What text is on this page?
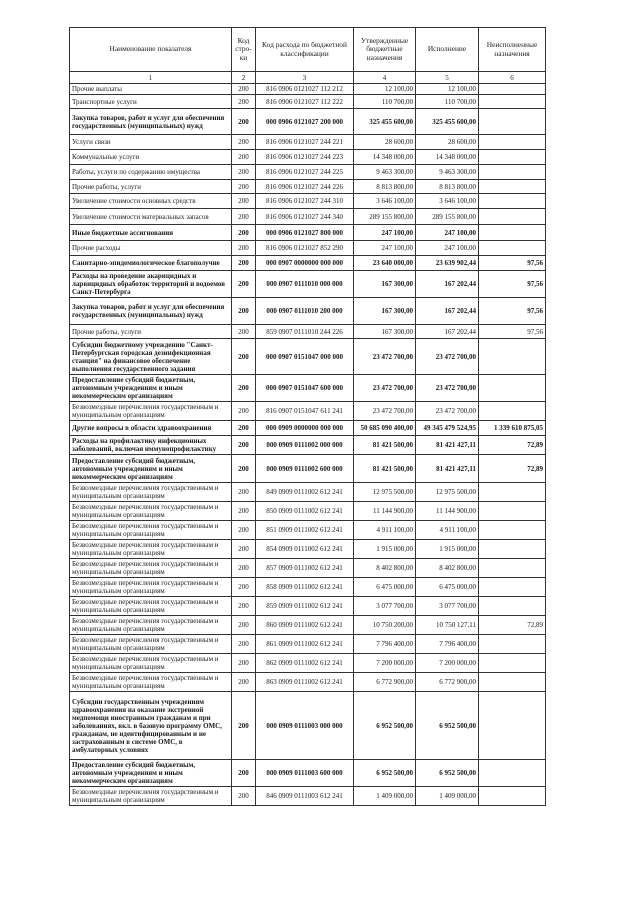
Наименование показателя	Код стро-ки	Код расхода по бюджетной классификации	Утвержденные бюджетные назначения	Исполнение	Неисполненные назначения
1	2	3	4	5	6
Прочие выплаты	200	816 0906 0121027 112 212	12 100,00	12 100,00	
Транспортные услуги	200	816 0906 0121027 112 222	110 700,00	110 700,00	
Закупка товаров, работ и услуг для обеспечения государственных (муниципальных) нужд	200	000 0906 0121027 200 000	325 455 600,00	325 455 600,00	
Услуги связи	200	816 0906 0121027 244 221	28 600,00	28 600,00	
Коммунальные услуги	200	816 0906 0121027 244 223	14 348 000,00	14 348 000,00	
Работы, услуги по содержанию имущества	200	816 0906 0121027 244 225	9 463 300,00	9 463 300,00	
Прочие работы, услуги	200	816 0906 0121027 244 226	8 813 800,00	8 813 800,00	
Увеличение стоимости основных средств	200	816 0906 0121027 244 310	3 646 100,00	3 646 100,00	
Увеличение стоимости материальных запасов	200	816 0906 0121027 244 340	289 155 800,00	289 155 800,00	
Иные бюджетные ассигнования	200	000 0906 0121027 800 000	247 100,00	247 100,00	
Прочие расходы	200	816 0906 0121027 852 290	247 100,00	247 100,00	
Санитарно-эпидемиологическое благополучие	200	000 0907 0000000 000 000	23 640 000,00	23 639 902,44	97,56
Расходы на проведение акарицидных и ларвицидных обработок территорий и водоемов Санкт-Петербурга	200	000 0907 0111010 000 000	167 300,00	167 202,44	97,56
Закупка товаров, работ и услуг для обеспечения государственных (муниципальных) нужд	200	000 0907 0111010 200 000	167 300,00	167 202,44	97,56
Прочие работы, услуги	200	859 0907 0111010 244 226	167 300,00	167 202,44	97,56
Субсидии бюджетному учреждению "Санкт-Петербургская городская дезинфекционная станция" на финансовое обеспечение выполнения государственного задания	200	000 0907 0151047 000 000	23 472 700,00	23 472 700,00	
Предоставление субсидий бюджетным, автономным учреждениям и иным некоммерческим организациям	200	000 0907 0151047 600 000	23 472 700,00	23 472 700,00	
Безвозмездные перечисления государственным и муниципальным организациям	200	816 0907 0151047 611 241	23 472 700,00	23 472 700,00	
Другие вопросы в области здравоохранения	200	000 0909 0000000 000 000	50 685 090 400,00	49 345 479 524,95	1 339 610 875,05
Расходы на профилактику инфекционных заболеваний, включая иммунопрофилактику	200	000 0909 0111002 000 000	81 421 500,00	81 421 427,11	72,89
Предоставление субсидий бюджетным, автономным учреждениям и иным некоммерческим организациям	200	000 0909 0111002 600 000	81 421 500,00	81 421 427,11	72,89
Безвозмездные перечисления государственным и муниципальным организациям	200	849 0909 0111002 612 241	12 975 500,00	12 975 500,00	
Безвозмездные перечисления государственным и муниципальным организациям	200	850 0909 0111002 612 241	11 144 900,00	11 144 900,00	
Безвозмездные перечисления государственным и муниципальным организациям	200	851 0909 0111002 612 241	4 911 100,00	4 911 100,00	
Безвозмездные перечисления государственным и муниципальным организациям	200	854 0909 0111002 612 241	1 915 000,00	1 915 000,00	
Безвозмездные перечисления государственным и муниципальным организациям	200	857 0909 0111002 612 241	8 402 800,00	8 402 800,00	
Безвозмездные перечисления государственным и муниципальным организациям	200	858 0909 0111002 612 241	6 475 000,00	6 475 000,00	
Безвозмездные перечисления государственным и муниципальным организациям	200	859 0909 0111002 612 241	3 077 700,00	3 077 700,00	
Безвозмездные перечисления государственным и муниципальным организациям	200	860 0909 0111002 612 241	10 750 200,00	10 750 127,11	72,89
Безвозмездные перечисления государственным и муниципальным организациям	200	861 0909 0111002 612 241	7 796 400,00	7 796 400,00	
Безвозмездные перечисления государственным и муниципальным организациям	200	862 0909 0111002 612 241	7 200 000,00	7 200 000,00	
Безвозмездные перечисления государственным и муниципальным организациям	200	863 0909 0111002 612 241	6 772 900,00	6 772 900,00	
Субсидии государственным учреждениям здравоохранения на оказание экстренной медпомощи иностранным гражданам и при заболеваниях, вкл. в базовую программу ОМС, гражданам, не идентифицированным и не застрахованным в системе ОМС, в амбулаторных условиях	200	000 0909 0111003 000 000	6 952 500,00	6 952 500,00	
Предоставление субсидий бюджетным, автономным учреждениям и иным некоммерческим организациям	200	000 0909 0111003 600 000	6 952 500,00	6 952 500,00	
Безвозмездные перечисления государственным и муниципальным организациям	200	846 0909 0111003 612 241	1 409 000,00	1 409 000,00	
